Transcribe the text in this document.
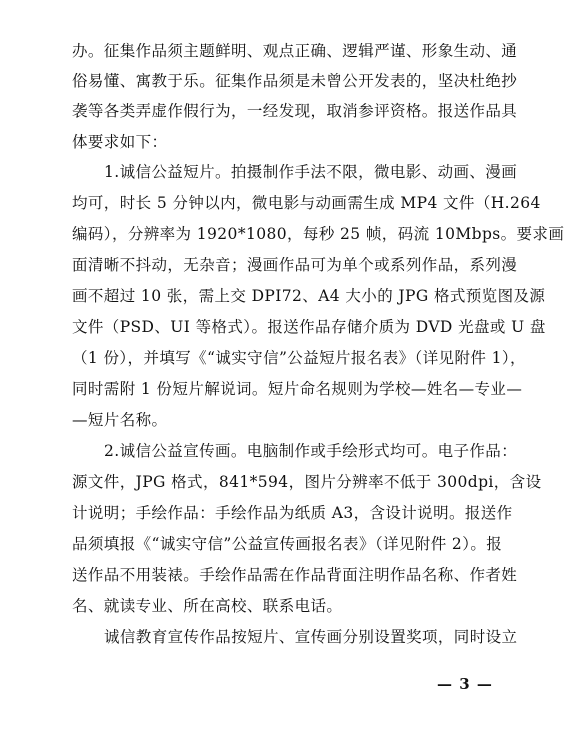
办。征集作品须主题鲜明、观点正确、逻辑严谨、形象生动、通
俗易懂、寓教于乐。征集作品须是未曾公开发表的，坚决杜绝抄
袭等各类弄虚作假行为，一经发现，取消参评资格。报送作品具
体要求如下：
1.诚信公益短片。拍摄制作手法不限，微电影、动画、漫画
均可，时长 5 分钟以内，微电影与动画需生成 MP4 文件（H.264
编码），分辨率为 1920*1080，每秒 25 帧，码流 10Mbps。要求画
面清晰不抖动，无杂音；漫画作品可为单个或系列作品，系列漫
画不超过 10 张，需上交 DPI72、A4 大小的 JPG 格式预览图及源
文件（PSD、UI 等格式）。报送作品存储介质为 DVD 光盘或 U 盘
（1 份），并填写《“诚实守信”公益短片报名表》（详见附件 1），
同时需附 1 份短片解说词。短片命名规则为学校—姓名—专业—
—短片名称。
2.诚信公益宣传画。电脑制作或手绘形式均可。电子作品：
源文件，JPG 格式，841*594，图片分辨率不低于 300dpi，含设
计说明；手绘作品：手绘作品为纸质 A3，含设计说明。报送作
品须填报《“诚实守信”公益宣传画报名表》（详见附件 2）。报
送作品不用装裱。手绘作品需在作品背面注明作品名称、作者姓
名、就读专业、所在高校、联系电话。
诚信教育宣传作品按短片、宣传画分别设置奖项，同时设立
— 3 —
